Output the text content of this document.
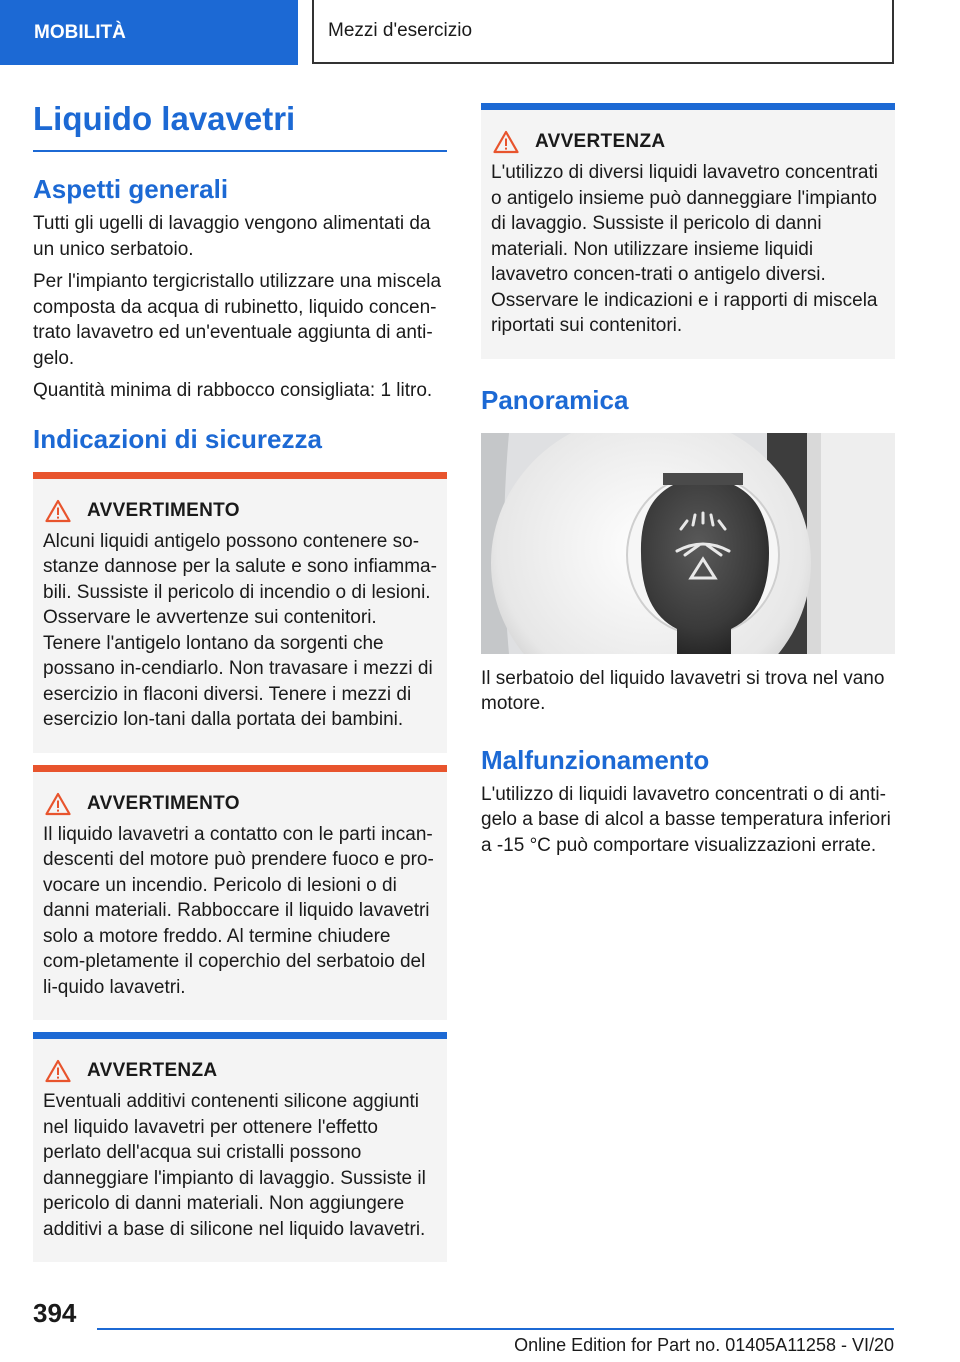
MOBILITÀ	Mezzi d'esercizio
Liquido lavavetri
Aspetti generali

Tutti gli ugelli di lavaggio vengono alimentati da un unico serbatoio.

Per l'impianto tergicristallo utilizzare una miscela composta da acqua di rubinetto, liquido concen-trato lavavetro ed un'eventuale aggiunta di anti-gelo.

Quantità minima di rabbocco consigliata: 1 litro.

Indicazioni di sicurezza
AVVERTIMENTO

Alcuni liquidi antigelo possono contenere so-stanze dannose per la salute e sono infiamma-bili. Sussiste il pericolo di incendio o di lesioni. Osservare le avvertenze sui contenitori. Tenere l'antigelo lontano da sorgenti che possano in-cendiarlo. Non travasare i mezzi di esercizio in flaconi diversi. Tenere i mezzi di esercizio lon-tani dalla portata dei bambini.

AVVERTIMENTO

Il liquido lavavetri a contatto con le parti incan-descenti del motore può prendere fuoco e pro-vocare un incendio. Pericolo di lesioni o di danni materiali. Rabboccare il liquido lavavetri solo a motore freddo. Al termine chiudere com-pletamente il coperchio del serbatoio del li-quido lavavetri.

AVVERTENZA

Eventuali additivi contenenti silicone aggiunti nel liquido lavavetri per ottenere l'effetto perlato dell'acqua sui cristalli possono danneggiare l'impianto di lavaggio. Sussiste il pericolo di danni materiali. Non aggiungere additivi a base di silicone nel liquido lavavetri.

AVVERTENZA

L'utilizzo di diversi liquidi lavavetro concentrati o antigelo insieme può danneggiare l'impianto di lavaggio. Sussiste il pericolo di danni materiali. Non utilizzare insieme liquidi lavavetro concen-trati o antigelo diversi. Osservare le indicazioni e i rapporti di miscela riportati sui contenitori.

Panoramica

Il serbatoio del liquido lavavetri si trova nel vano motore.

Malfunzionamento

L'utilizzo di liquidi lavavetro concentrati o di anti-gelo a base di alcol a basse temperatura inferiori a -15 °C può comportare visualizzazioni errate.

394
Online Edition for Part no. 01405A11258 - VI/20
